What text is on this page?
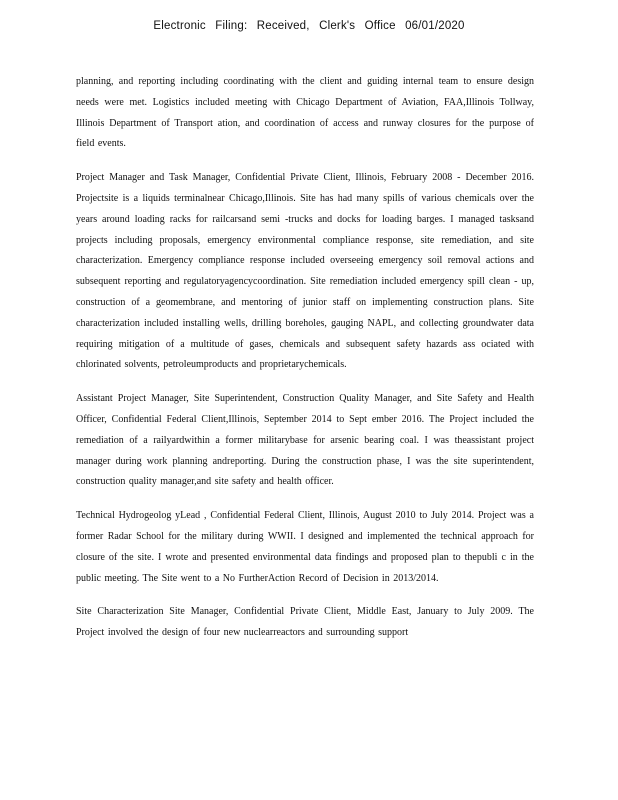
Electronic Filing: Received, Clerk's Office 06/01/2020

planning, and reporting including coordinating with the client and guiding internal team to ensure design needs were met. Logistics included meeting with Chicago Department of Aviation, FAA,Illinois Tollway, Illinois Department of Transport ation, and coordination of access and runway closures for the purpose of field events.

Project Manager and Task Manager, Confidential Private Client, Illinois, February 2008 - December 2016. Projectsite is a liquids terminalnear Chicago,Illinois. Site has had many spills of various chemicals over the years around loading racks for railcarsand semi -trucks and docks for loading barges. I managed tasksand projects including proposals, emergency environmental compliance response, site remediation, and site characterization. Emergency compliance response included overseeing emergency soil removal actions and subsequent reporting and regulatoryagencycoordination. Site remediation included emergency spill clean - up, construction of a geomembrane, and mentoring of junior staff on implementing construction plans. Site characterization included installing wells, drilling boreholes, gauging NAPL, and collecting groundwater data requiring mitigation of a multitude of gases, chemicals and subsequent safety hazards ass ociated with chlorinated solvents, petroleumproducts and proprietarychemicals.

Assistant Project Manager, Site Superintendent, Construction Quality Manager, and Site Safety and Health Officer, Confidential Federal Client,Illinois, September 2014 to Sept ember 2016. The Project included the remediation of a railyardwithin a former militarybase for arsenic bearing coal. I was theassistant project manager during work planning andreporting. During the construction phase, I was the site superintendent, construction quality manager,and site safety and health officer.

Technical Hydrogeolog yLead , Confidential Federal Client, Illinois, August 2010 to July 2014. Project was a former Radar School for the military during WWII. I designed and implemented the technical approach for closure of the site. I wrote and presented environmental data findings and proposed plan to thepubli c in the public meeting. The Site went to a No FurtherAction Record of Decision in 2013/2014.

Site Characterization Site Manager, Confidential Private Client, Middle East, January to July 2009. The Project involved the design of four new nuclearreactors and surrounding support
